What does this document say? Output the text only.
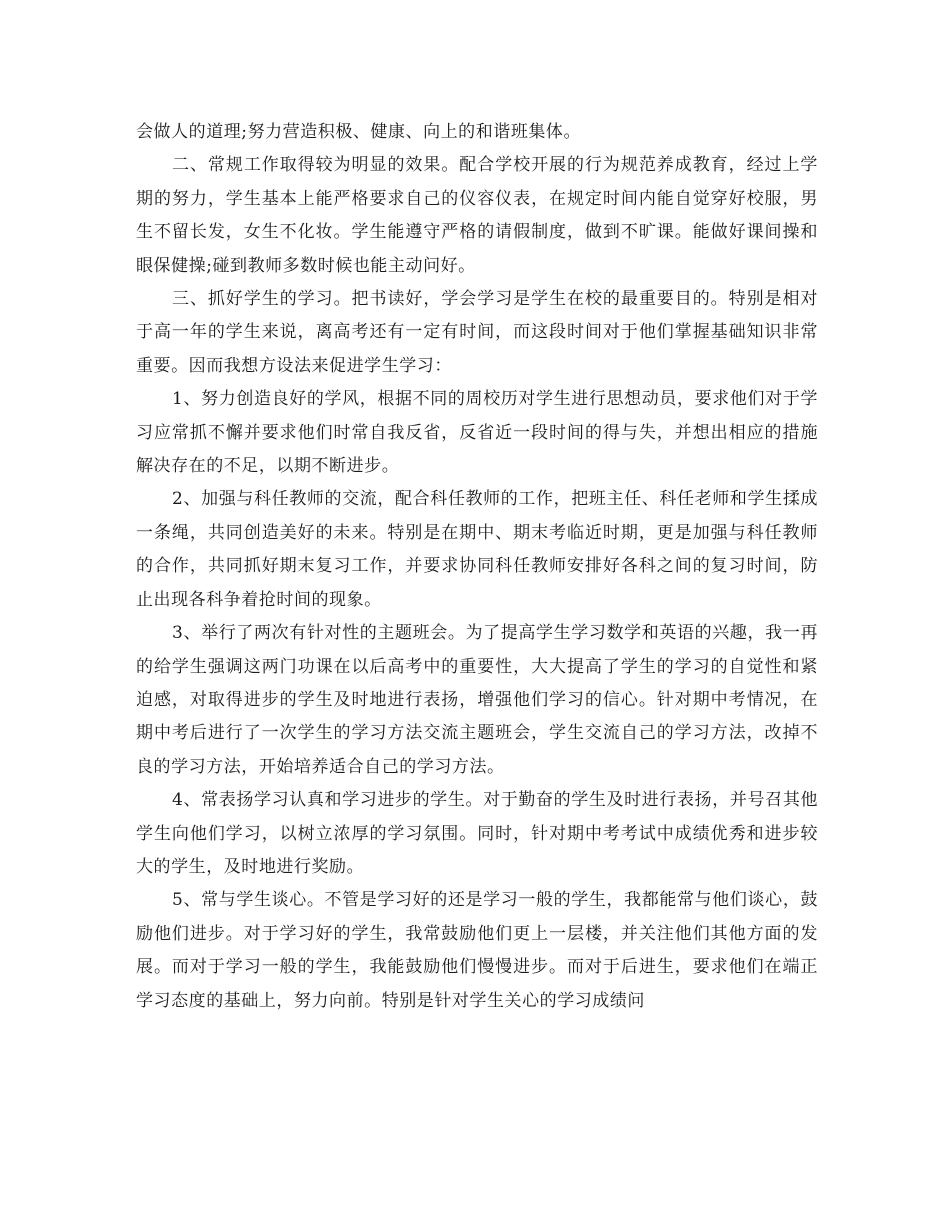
会做人的道理;努力营造积极、健康、向上的和谐班集体。

二、常规工作取得较为明显的效果。配合学校开展的行为规范养成教育，经过上学期的努力，学生基本上能严格要求自己的仪容仪表，在规定时间内能自觉穿好校服，男生不留长发，女生不化妆。学生能遵守严格的请假制度，做到不旷课。能做好课间操和眼保健操;碰到教师多数时候也能主动问好。

三、抓好学生的学习。把书读好，学会学习是学生在校的最重要目的。特别是相对于高一年的学生来说，离高考还有一定有时间，而这段时间对于他们掌握基础知识非常重要。因而我想方设法来促进学生学习：

1、努力创造良好的学风，根据不同的周校历对学生进行思想动员，要求他们对于学习应常抓不懈并要求他们时常自我反省，反省近一段时间的得与失，并想出相应的措施解决存在的不足，以期不断进步。

2、加强与科任教师的交流，配合科任教师的工作，把班主任、科任老师和学生揉成一条绳，共同创造美好的未来。特别是在期中、期末考临近时期，更是加强与科任教师的合作，共同抓好期末复习工作，并要求协同科任教师安排好各科之间的复习时间，防止出现各科争着抢时间的现象。

3、举行了两次有针对性的主题班会。为了提高学生学习数学和英语的兴趣，我一再的给学生强调这两门功课在以后高考中的重要性，大大提高了学生的学习的自觉性和紧迫感，对取得进步的学生及时地进行表扬，增强他们学习的信心。针对期中考情况，在期中考后进行了一次学生的学习方法交流主题班会，学生交流自己的学习方法，改掉不良的学习方法，开始培养适合自己的学习方法。

4、常表扬学习认真和学习进步的学生。对于勤奋的学生及时进行表扬，并号召其他学生向他们学习，以树立浓厚的学习氛围。同时，针对期中考考试中成绩优秀和进步较大的学生，及时地进行奖励。

5、常与学生谈心。不管是学习好的还是学习一般的学生，我都能常与他们谈心，鼓励他们进步。对于学习好的学生，我常鼓励他们更上一层楼，并关注他们其他方面的发展。而对于学习一般的学生，我能鼓励他们慢慢进步。而对于后进生，要求他们在端正学习态度的基础上，努力向前。特别是针对学生关心的学习成绩问
